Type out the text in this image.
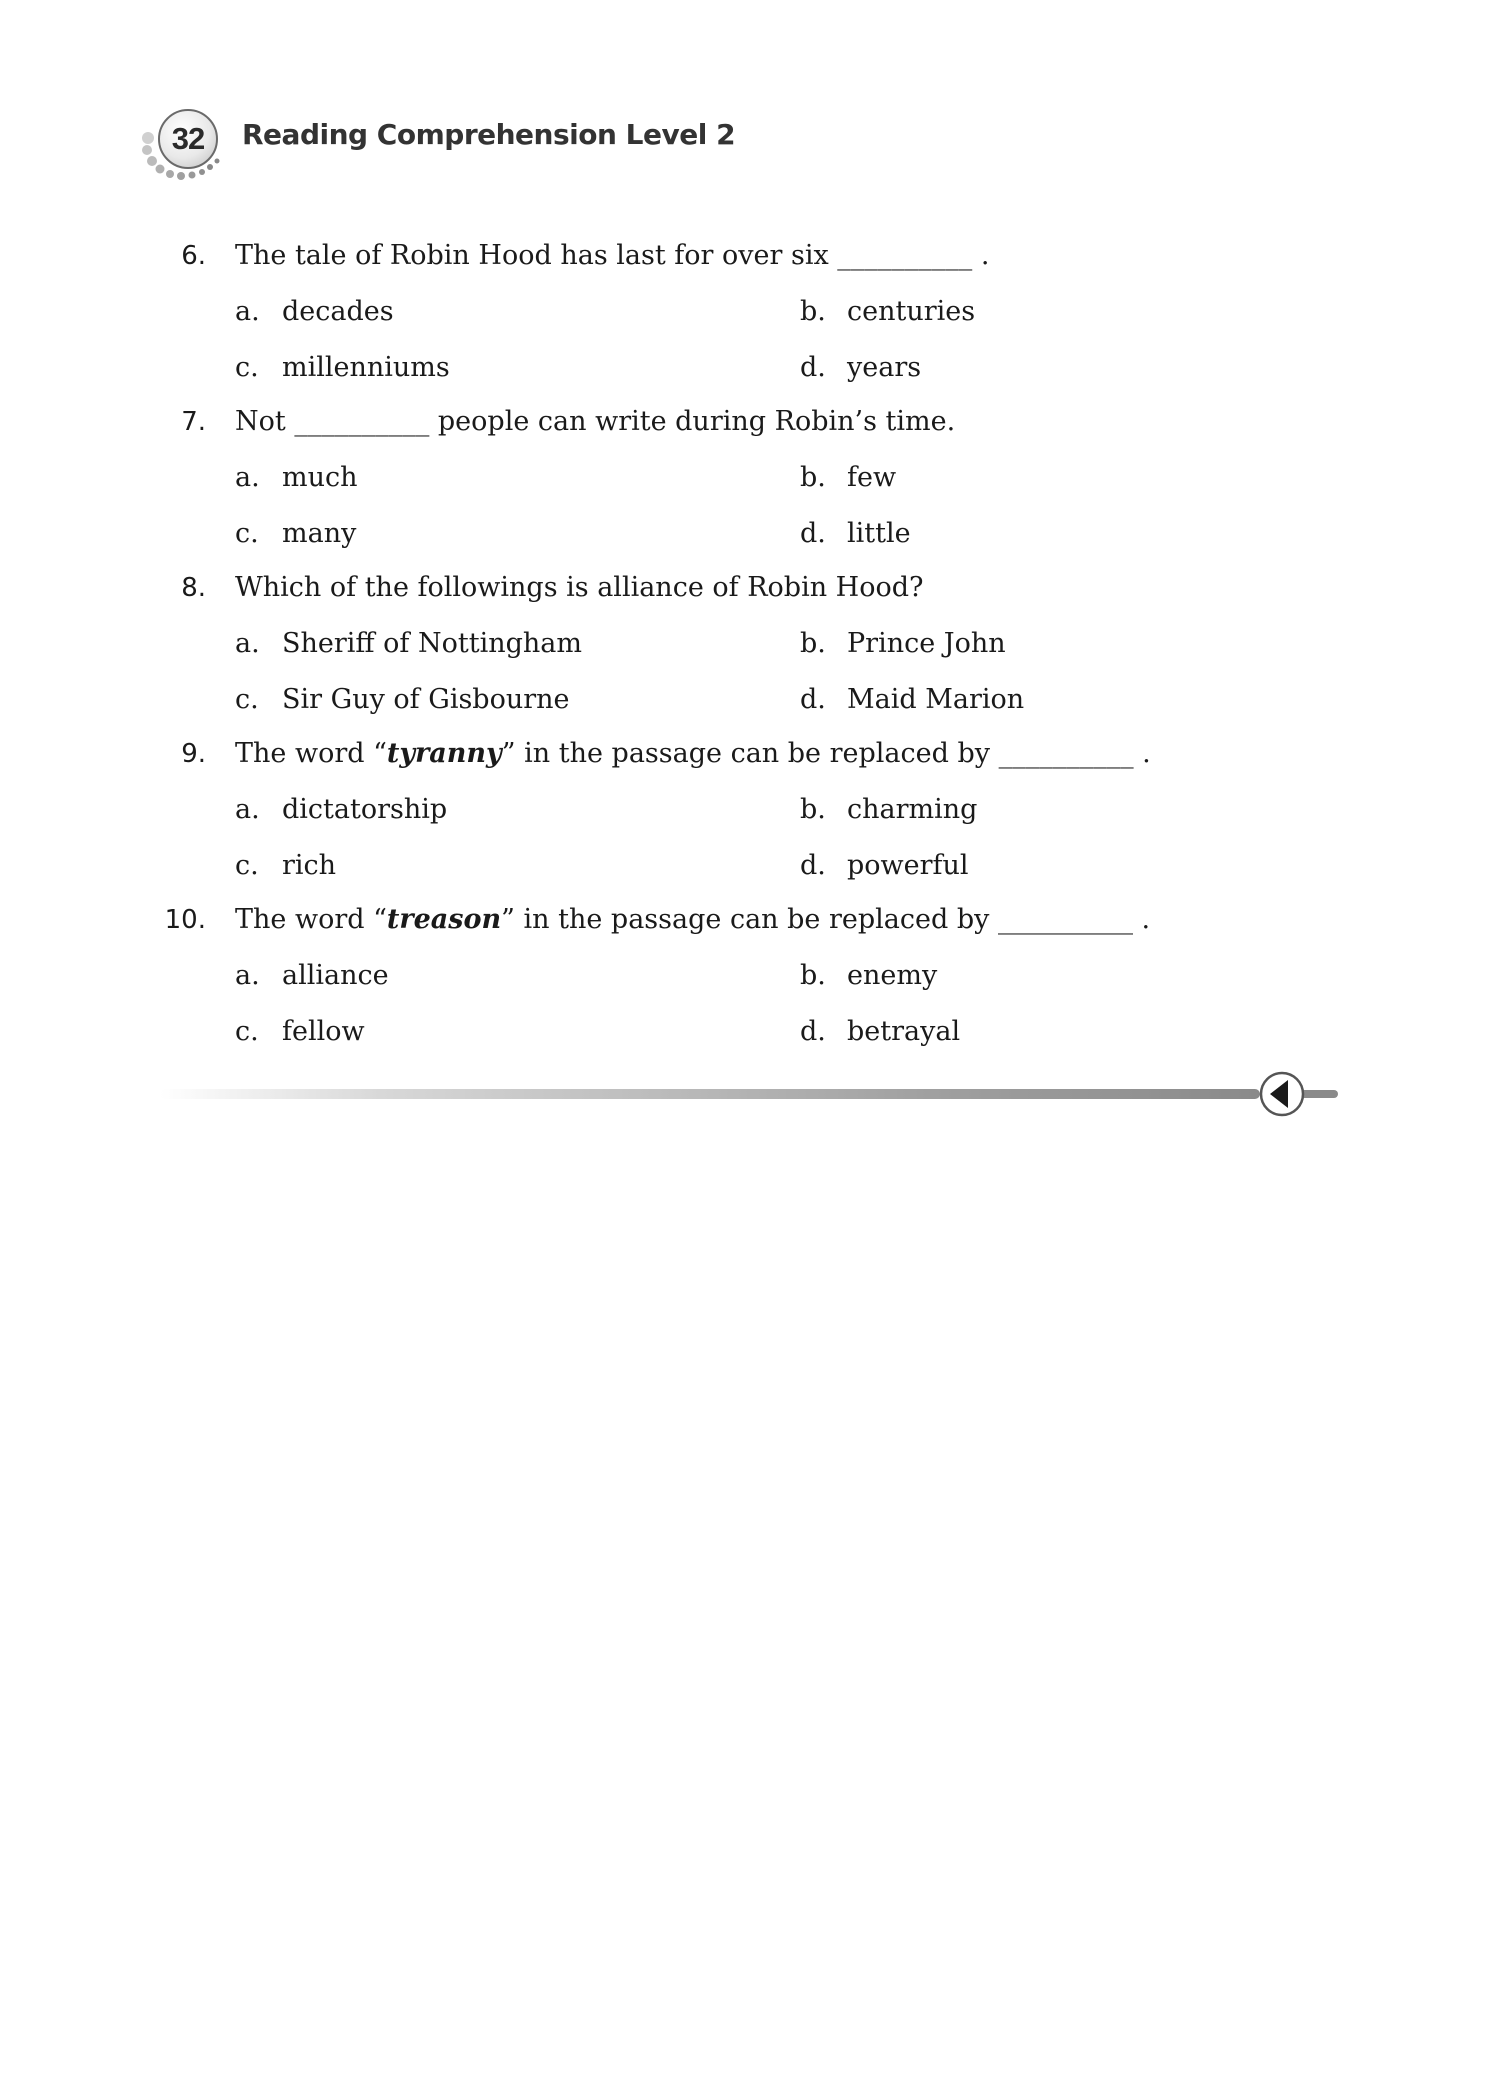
32	Reading Comprehension Level 2
6. The tale of Robin Hood has last for over six __________ .
a. decades	b. centuries
c. millenniums	d. years
7. Not __________ people can write during Robin’s time.
a. much	b. few
c. many	d. little
8. Which of the followings is alliance of Robin Hood?
a. Sheriff of Nottingham	b. Prince John
c. Sir Guy of Gisbourne	d. Maid Marion
9. The word “tyranny” in the passage can be replaced by __________ .
a. dictatorship	b. charming
c. rich	d. powerful
10. The word “treason” in the passage can be replaced by __________ .
a. alliance	b. enemy
c. fellow	d. betrayal
